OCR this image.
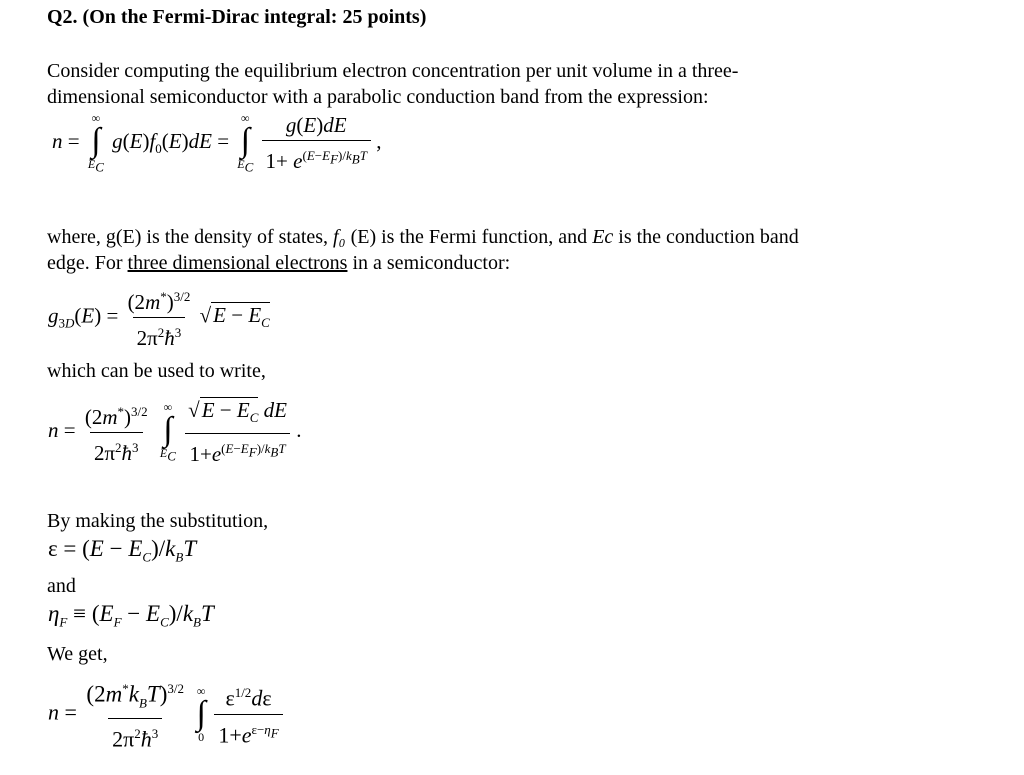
Q2. (On the Fermi-Dirac integral: 25 points)
Consider computing the equilibrium electron concentration per unit volume in a three-
dimensional semiconductor with a parabolic conduction band from the expression:
n =
∞
∫
$E_C$
$g(E)f_0(E)dE$ =
∞
∫
$E_C$
$\frac{g(E)dE}{1+ e^{(E-E_F)/k_BT}}$ ,
where, g(E) is the density of states, f₀ (E) is the Fermi function, and Ec is the conduction band
edge. For three dimensional electrons in a semiconductor:
$g_{3D}(E) = \frac{(2m^*)^{3/2}}{2\pi^2ħ^3} √E - E_C$
which can be used to write,
$n = \frac{(2m^*)^{3/2}}{2\pi^2ħ^3}$
∞
∫
$E_C$
$\frac{√E - E_C dE}{1+e^{(E-E_F)/k_BT}}$ .
By making the substitution,
$\varepsilon = (E - E_C)/k_BT$
and
$\eta_F \equiv (E_F - E_C)/k_BT$
We get,
$n = \frac{(2m^*k_BT)^{3/2}}{2\pi^2ħ^3}$
∞
∫
0
$\frac{\varepsilon^{1/2}d\varepsilon}{1+e^{\varepsilon-\eta_F}}$
